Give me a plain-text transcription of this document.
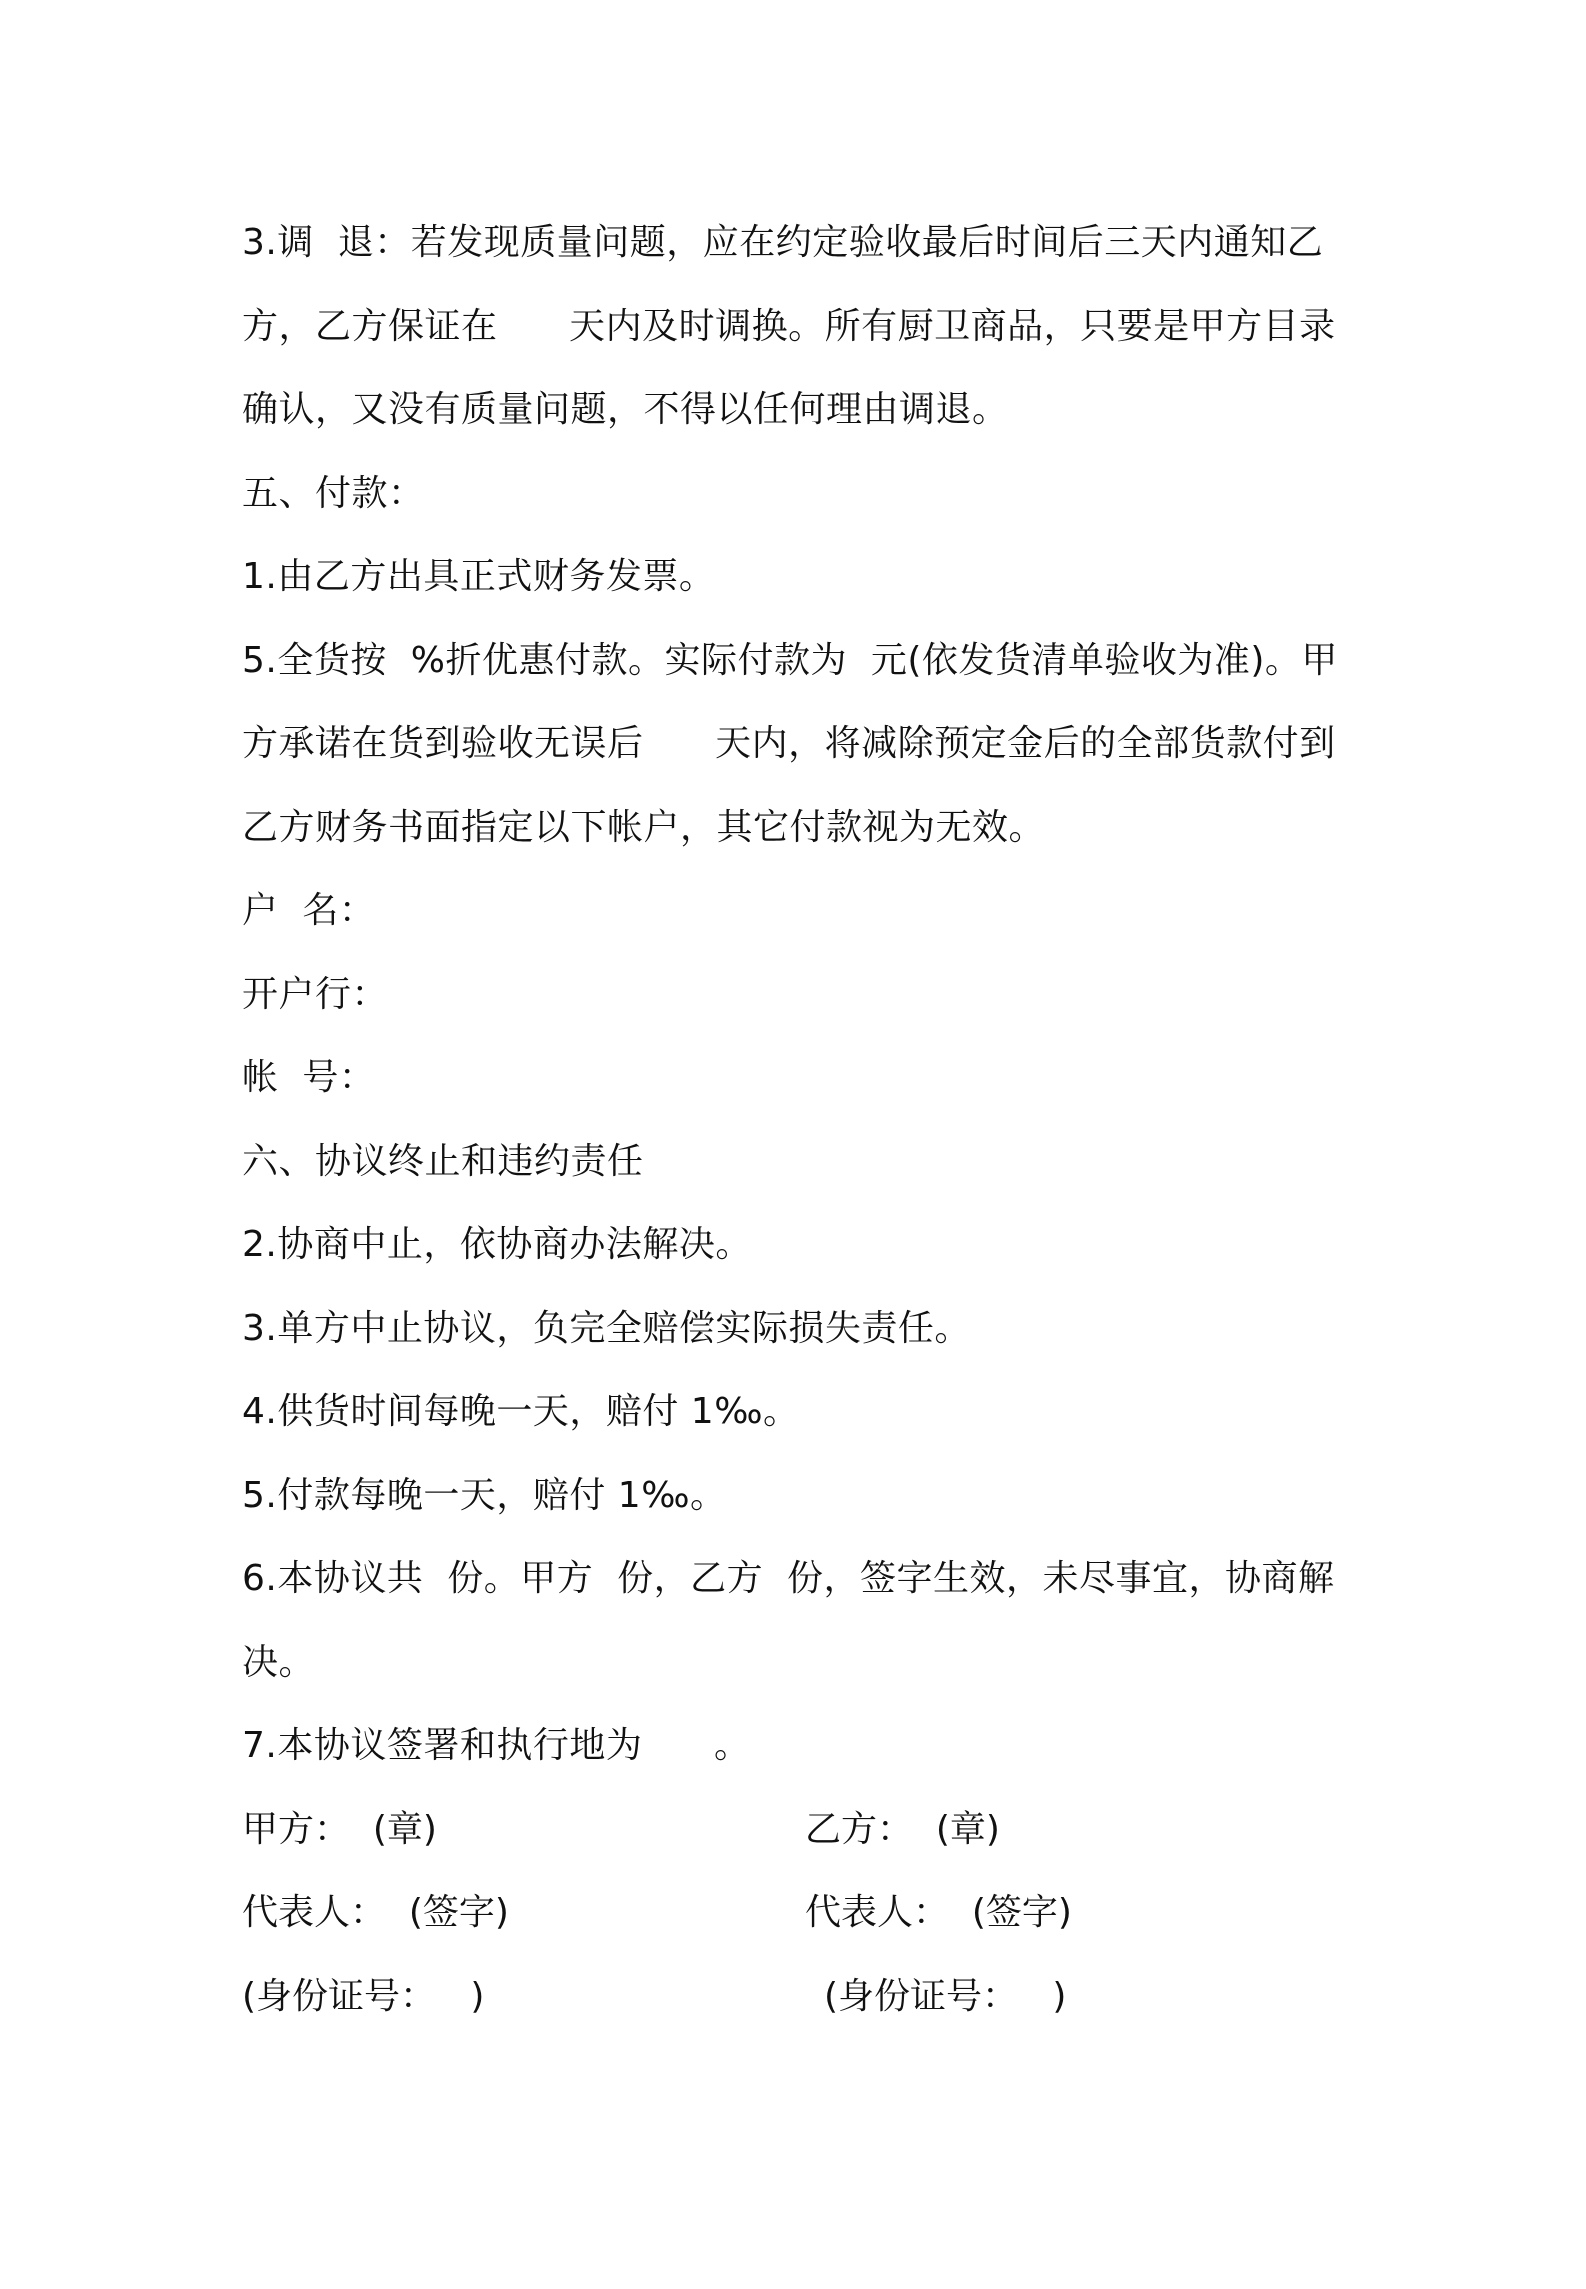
3.调  退：若发现质量问题，应在约定验收最后时间后三天内通知乙
方，乙方保证在      天内及时调换。所有厨卫商品，只要是甲方目录
确认，又没有质量问题，不得以任何理由调退。
五、付款：
1.由乙方出具正式财务发票。
5.全货按  %折优惠付款。实际付款为  元(依发货清单验收为准)。甲
方承诺在货到验收无误后      天内，将减除预定金后的全部货款付到
乙方财务书面指定以下帐户，其它付款视为无效。
户  名：
开户行：
帐  号：
六、协议终止和违约责任
2.协商中止，依协商办法解决。
3.单方中止协议，负完全赔偿实际损失责任。
4.供货时间每晚一天，赔付 1‰。
5.付款每晚一天，赔付 1‰。
6.本协议共  份。甲方  份，乙方  份，签字生效，未尽事宜，协商解
决。
7.本协议签署和执行地为      。

甲方：  (章)

	乙方：  (章)

代表人：  (签字)

	代表人：  (签字)

(身份证号：   )

	(身份证号：   )
